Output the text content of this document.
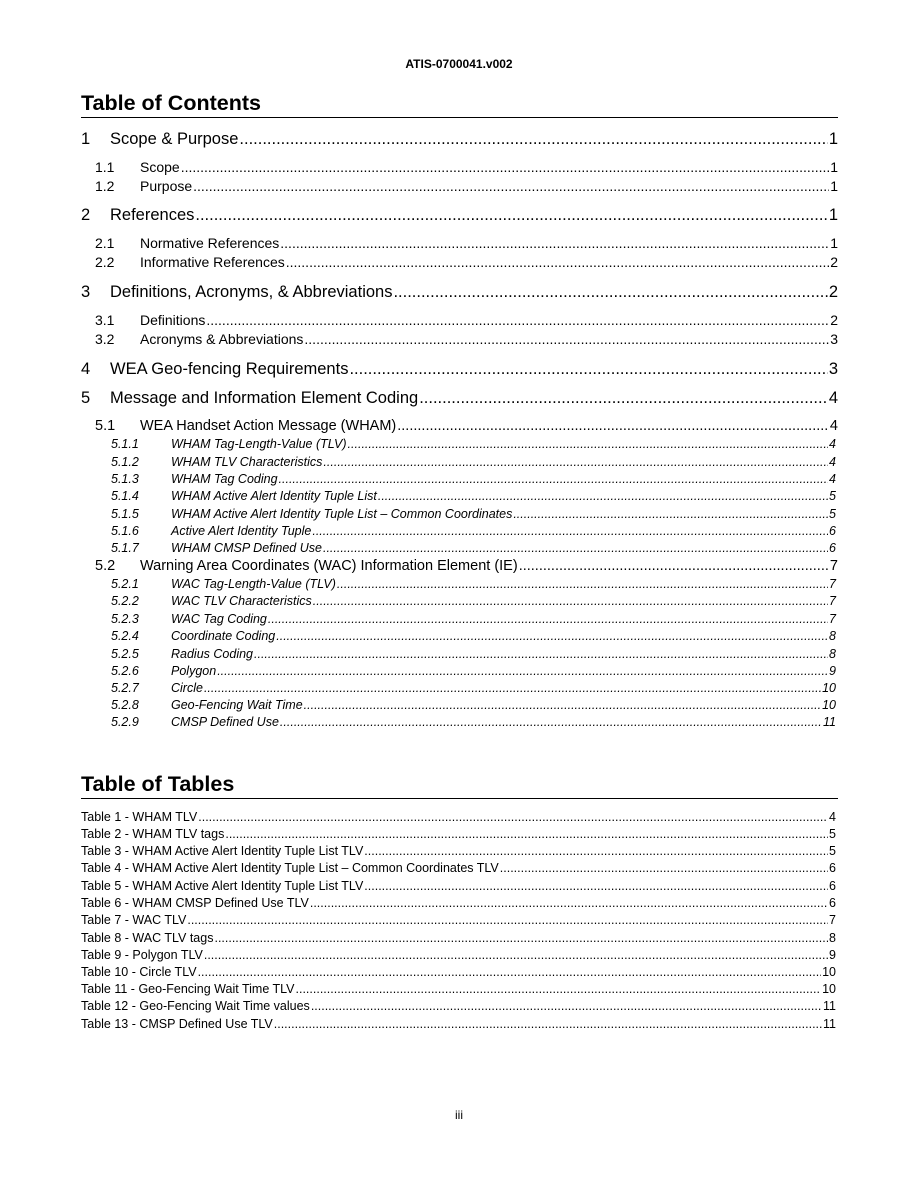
ATIS-0700041.v002
Table of Contents
1	Scope & Purpose .....	1
1.1	Scope .....	1
1.2	Purpose .....	1
2	References .....	1
2.1	Normative References .....	1
2.2	Informative References .....	2
3	Definitions, Acronyms, & Abbreviations .....	2
3.1	Definitions .....	2
3.2	Acronyms & Abbreviations .....	3
4	WEA Geo-fencing Requirements .....	3
5	Message and Information Element Coding .....	4
5.1	WEA Handset Action Message (WHAM) .....	4
5.1.1	WHAM Tag-Length-Value (TLV) .....	4
5.1.2	WHAM TLV Characteristics .....	4
5.1.3	WHAM Tag Coding .....	4
5.1.4	WHAM Active Alert Identity Tuple List .....	5
5.1.5	WHAM Active Alert Identity Tuple List – Common Coordinates .....	5
5.1.6	Active Alert Identity Tuple .....	6
5.1.7	WHAM CMSP Defined Use .....	6
5.2	Warning Area Coordinates (WAC) Information Element (IE) .....	7
5.2.1	WAC Tag-Length-Value (TLV) .....	7
5.2.2	WAC TLV Characteristics .....	7
5.2.3	WAC Tag Coding .....	7
5.2.4	Coordinate Coding .....	8
5.2.5	Radius Coding .....	8
5.2.6	Polygon .....	9
5.2.7	Circle .....	10
5.2.8	Geo-Fencing Wait Time .....	10
5.2.9	CMSP Defined Use .....	11
Table of Tables
Table 1 - WHAM TLV .....	4
Table 2 - WHAM TLV tags .....	5
Table 3 - WHAM Active Alert Identity Tuple List TLV .....	5
Table 4 - WHAM Active Alert Identity Tuple List – Common Coordinates TLV .....	6
Table 5 - WHAM Active Alert Identity Tuple List TLV .....	6
Table 6 - WHAM CMSP Defined Use TLV .....	6
Table 7 - WAC TLV .....	7
Table 8 - WAC TLV tags .....	8
Table 9 - Polygon TLV .....	9
Table 10 - Circle TLV .....	10
Table 11 - Geo-Fencing Wait Time TLV .....	10
Table 12 - Geo-Fencing Wait Time values .....	11
Table 13 - CMSP Defined Use TLV .....	11
iii
